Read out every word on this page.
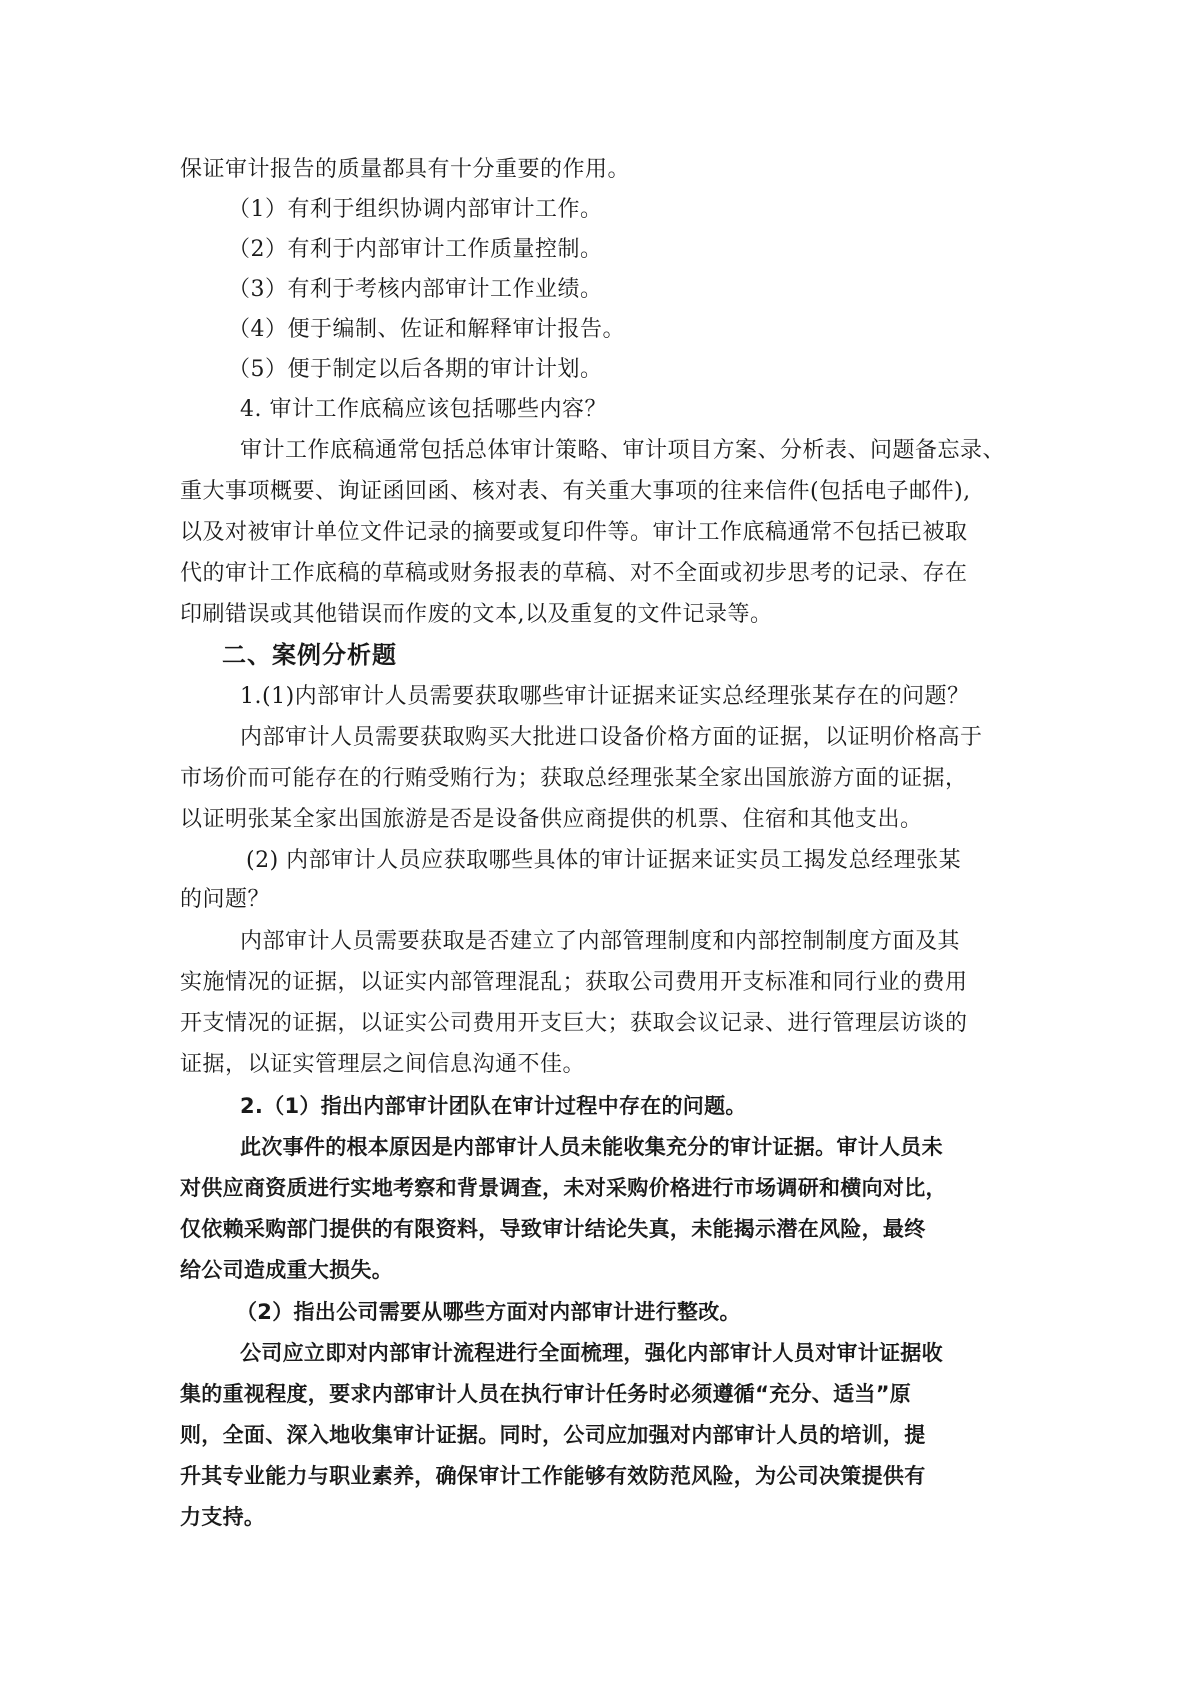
保证审计报告的质量都具有十分重要的作用。
（1）有利于组织协调内部审计工作。
（2）有利于内部审计工作质量控制。
（3）有利于考核内部审计工作业绩。
（4）便于编制、佐证和解释审计报告。
（5）便于制定以后各期的审计计划。
4. 审计工作底稿应该包括哪些内容？
审计工作底稿通常包括总体审计策略、审计项目方案、分析表、问题备忘录、
重大事项概要、询证函回函、核对表、有关重大事项的往来信件(包括电子邮件),
以及对被审计单位文件记录的摘要或复印件等。审计工作底稿通常不包括已被取
代的审计工作底稿的草稿或财务报表的草稿、对不全面或初步思考的记录、存在
印刷错误或其他错误而作废的文本,以及重复的文件记录等。
二、案例分析题
1.(1)内部审计人员需要获取哪些审计证据来证实总经理张某存在的问题？
内部审计人员需要获取购买大批进口设备价格方面的证据，以证明价格高于
市场价而可能存在的行贿受贿行为；获取总经理张某全家出国旅游方面的证据，
以证明张某全家出国旅游是否是设备供应商提供的机票、住宿和其他支出。
(2) 内部审计人员应获取哪些具体的审计证据来证实员工揭发总经理张某
的问题？
内部审计人员需要获取是否建立了内部管理制度和内部控制制度方面及其
实施情况的证据，以证实内部管理混乱；获取公司费用开支标准和同行业的费用
开支情况的证据，以证实公司费用开支巨大；获取会议记录、进行管理层访谈的
证据，以证实管理层之间信息沟通不佳。
2.（1）指出内部审计团队在审计过程中存在的问题。
此次事件的根本原因是内部审计人员未能收集充分的审计证据。审计人员未
对供应商资质进行实地考察和背景调查，未对采购价格进行市场调研和横向对比，
仅依赖采购部门提供的有限资料，导致审计结论失真，未能揭示潜在风险，最终
给公司造成重大损失。
（2）指出公司需要从哪些方面对内部审计进行整改。
公司应立即对内部审计流程进行全面梳理，强化内部审计人员对审计证据收
集的重视程度，要求内部审计人员在执行审计任务时必须遵循“充分、适当”原
则，全面、深入地收集审计证据。同时，公司应加强对内部审计人员的培训，提
升其专业能力与职业素养，确保审计工作能够有效防范风险，为公司决策提供有
力支持。
